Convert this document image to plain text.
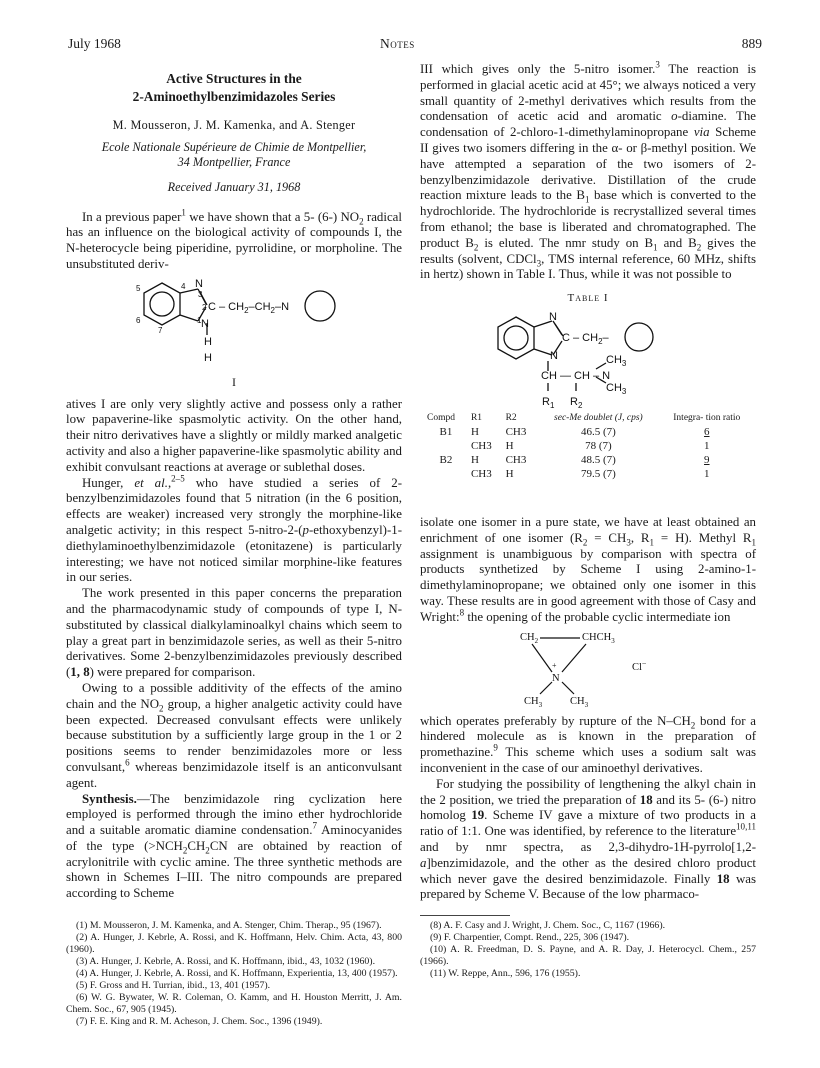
July 1968	Notes	889
Active Structures in the
2-Aminoethylbenzimidazoles Series
M. Mousseron, J. M. Kamenka, and A. Stenger
Ecole Nationale Supérieure de Chimie de Montpellier,
34 Montpellier, France
Received January 31, 1968

In a previous paper$^1$ we have shown that a 5- (6-) $NO_2$ radical has an influence on the biological activity of compounds I, the N-heterocycle being piperidine, pyrrolidine, or morpholine. The unsubstituted deriv-

5
6
7
4 N
3
2 C – $CH_2-CH_2-N$
N
1
H
H
I

atives I are only very slightly active and possess only a rather low papaverine-like spasmolytic activity. On the other hand, their nitro derivatives have a slightly or mildly marked analgetic activity and also a higher papaverine-like spasmolytic ability and exhibit convulsant reactions at average or sublethal doses.

Hunger, et al.,$^{2-5}$ who have studied a series of 2-benzylbenzimidazoles found that 5 nitration (in the 6 position, effects are weaker) increased very strongly the morphine-like analgetic activity; in this respect 5-nitro-2-(p-ethoxybenzyl)-1-diethylaminoethylbenzimidazole (etonitazene) is particularly interesting; we have not noticed similar morphine-like features in our series.

The work presented in this paper concerns the preparation and the pharmacodynamic study of compounds of type I, N-substituted by classical dialkylaminoalkyl chains which seem to play a great part in benzimidazole series, as well as their 5-nitro derivatives. Some 2-benzylbenzimidazoles previously described (1, 8) were prepared for comparison.

Owing to a possible additivity of the effects of the amino chain and the $NO_2$ group, a higher analgetic activity could have been expected. Decreased convulsant effects were unlikely because substitution by a sufficiently large group in the 1 or 2 positions seems to render benzimidazoles more or less convulsant,$^6$ whereas benzimidazole itself is an anticonvulsant agent.

Synthesis.—The benzimidazole ring cyclization here employed is performed through the imino ether hydrochloride and a suitable aromatic diamine condensation.$^7$ Aminocyanides of the type ($>NCH_2CH_2CN$ are obtained by reaction of acrylonitrile with cyclic amine. The three synthetic methods are shown in Schemes I–III. The nitro compounds are prepared according to Scheme

(1) M. Mousseron, J. M. Kamenka, and A. Stenger, Chim. Therap., 95 (1967).
(2) A. Hunger, J. Kebrle, A. Rossi, and K. Hoffmann, Helv. Chim. Acta, 43, 800 (1960).
(3) A. Hunger, J. Kebrle, A. Rossi, and K. Hoffmann, ibid., 43, 1032 (1960).
(4) A. Hunger, J. Kebrle, A. Rossi, and K. Hoffmann, Experientia, 13, 400 (1957).
(5) F. Gross and H. Turrian, ibid., 13, 401 (1957).
(6) W. G. Bywater, W. R. Coleman, O. Kamm, and H. Houston Merritt, J. Am. Chem. Soc., 67, 905 (1945).
(7) F. E. King and R. M. Acheson, J. Chem. Soc., 1396 (1949).

III which gives only the 5-nitro isomer.$^3$ The reaction is performed in glacial acetic acid at 45°; we always noticed a very small quantity of 2-methyl derivatives which results from the condensation of acetic acid and aromatic o-diamine. The condensation of 2-chloro-1-dimethylaminopropane via Scheme II gives two isomers differing in the α- or β-methyl position. We have attempted a separation of the two isomers of 2-benzylbenzimidazole derivative. Distillation of the crude reaction mixture leads to the $B_1$ base which is converted to the hydrochloride. The hydrochloride is recrystallized several times from ethanol; the base is liberated and chromatographed. The product $B_2$ is eluted. The nmr study on $B_1$ and $B_2$ gives the results (solvent, CDCl$_3$, TMS internal reference, 60 MHz, shifts in hertz) shown in Table I. Thus, while it was not possible to

Table I
N
C – $CH_2-$
N
CH — CH – N
$CH_3$
$CH_3$
$R_1$ $R_2$
Compd	R1	R2	sec-Me doublet (J, cps)	Integra- tion ratio
B1	H	CH3	46.5 (7)	6
	CH3	H	78 (7)	1
B2	H	CH3	48.5 (7)	9
	CH3	H	79.5 (7)	1

isolate one isomer in a pure state, we have at least obtained an enrichment of one isomer ($R_2 = CH_3$, $R_1 = H$). Methyl $R_1$ assignment is unambiguous by comparison with spectra of products synthetized by Scheme I using 2-amino-1-dimethylaminopropane; we obtained only one isomer in this way. These results are in good agreement with those of Casy and Wright:$^8$ the opening of the probable cyclic intermediate ion

$CH_2$	$CHCH_3$
+
N
$CH_3$	$CH_3$
Cl−

which operates preferably by rupture of the $N-CH_2$ bond for a hindered molecule as is known in the preparation of promethazine.$^9$ This scheme which uses a sodium salt was inconvenient in the case of our aminoethyl derivatives.

For studying the possibility of lengthening the alkyl chain in the 2 position, we tried the preparation of 18 and its 5- (6-) nitro homolog 19. Scheme IV gave a mixture of two products in a ratio of 1:1. One was identified, by reference to the literature$^{10,11}$ and by nmr spectra, as 2,3-dihydro-1H-pyrrolo[1,2-a]benzimidazole, and the other as the desired chloro product which never gave the desired benzimidazole. Finally 18 was prepared by Scheme V. Because of the low pharmaco-

(8) A. F. Casy and J. Wright, J. Chem. Soc., C, 1167 (1966).
(9) F. Charpentier, Compt. Rend., 225, 306 (1947).
(10) A. R. Freedman, D. S. Payne, and A. R. Day, J. Heterocycl. Chem., 257 (1966).
(11) W. Reppe, Ann., 596, 176 (1955).
